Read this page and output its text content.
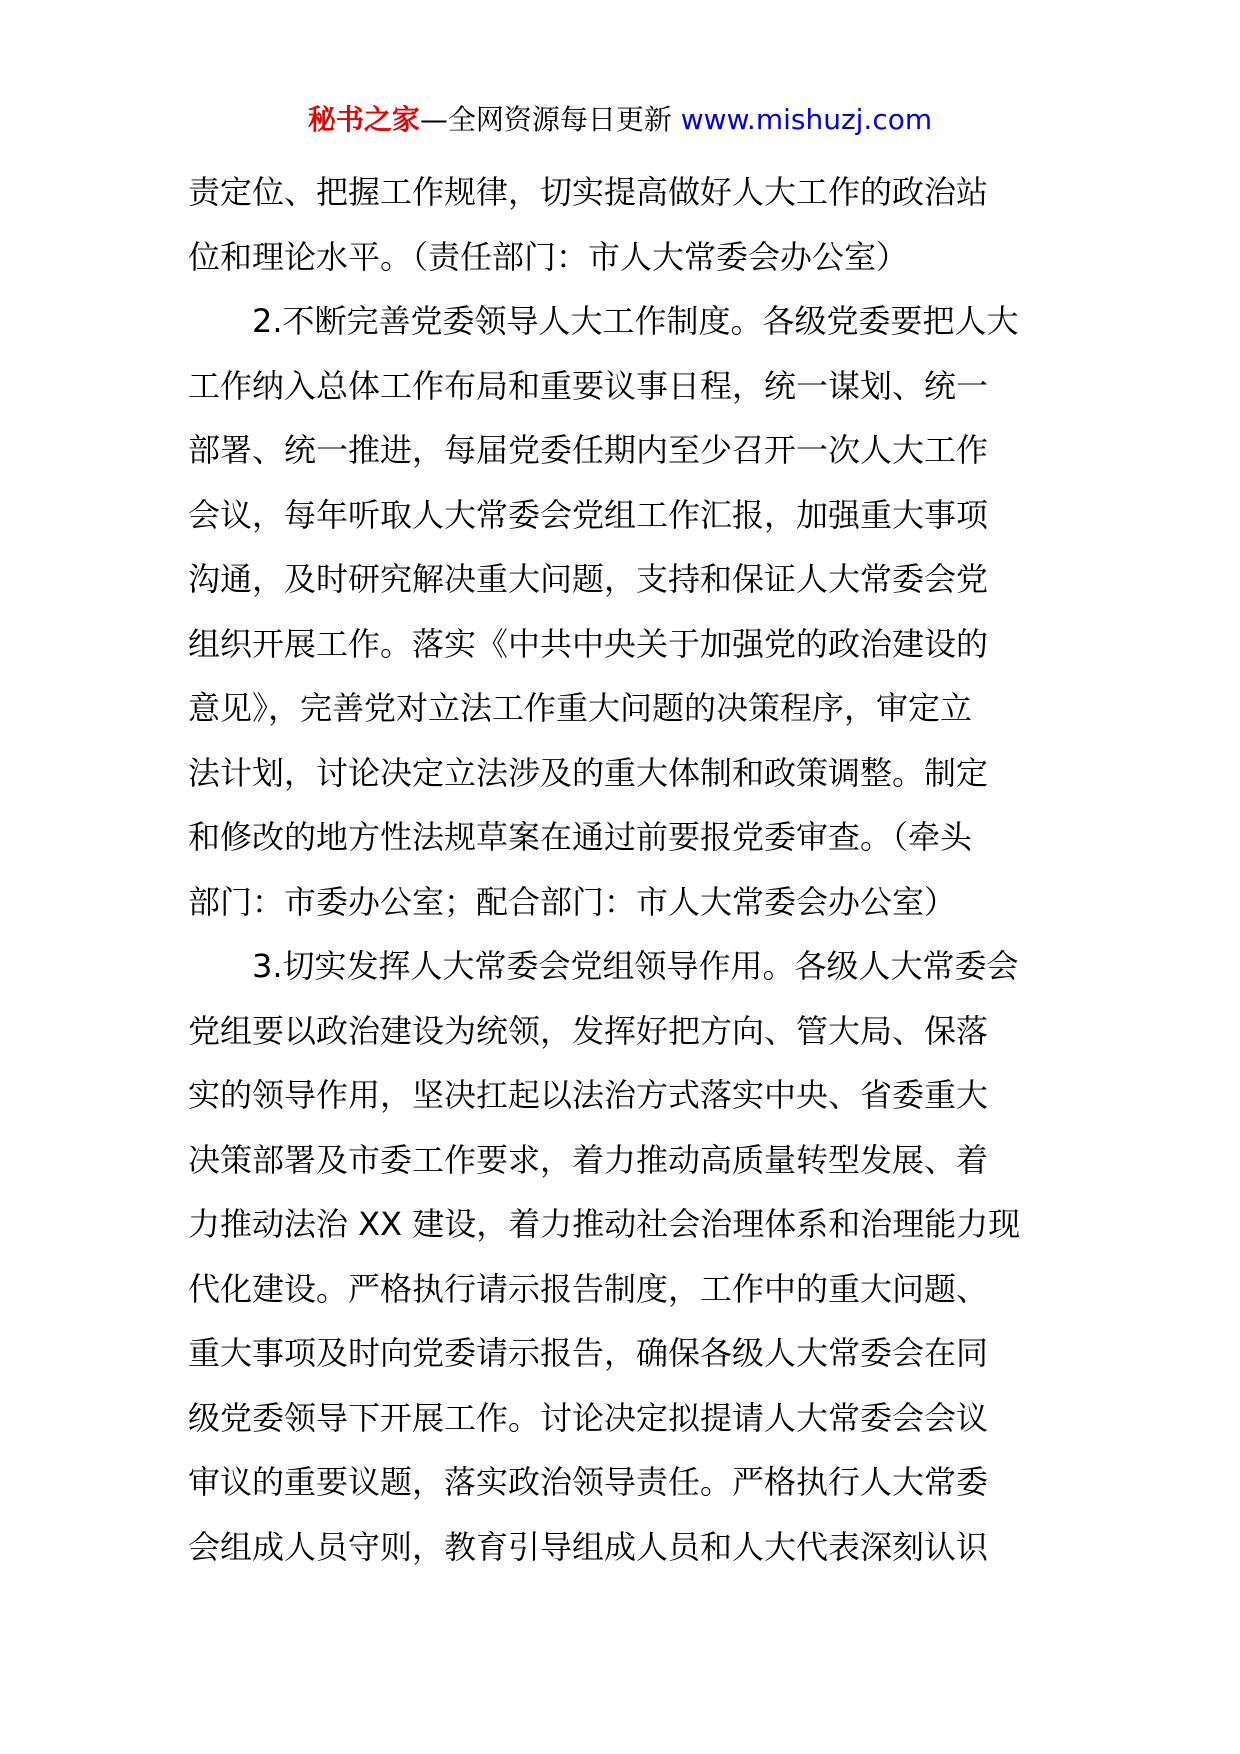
秘书之家—全网资源每日更新 www.mishuzj.com
责定位、把握工作规律，切实提高做好人大工作的政治站
位和理论水平。（责任部门：市人大常委会办公室）
2.不断完善党委领导人大工作制度。各级党委要把人大
工作纳入总体工作布局和重要议事日程，统一谋划、统一
部署、统一推进，每届党委任期内至少召开一次人大工作
会议，每年听取人大常委会党组工作汇报，加强重大事项
沟通，及时研究解决重大问题，支持和保证人大常委会党
组织开展工作。落实《中共中央关于加强党的政治建设的
意见》，完善党对立法工作重大问题的决策程序，审定立
法计划，讨论决定立法涉及的重大体制和政策调整。制定
和修改的地方性法规草案在通过前要报党委审查。（牵头
部门：市委办公室；配合部门：市人大常委会办公室）
3.切实发挥人大常委会党组领导作用。各级人大常委会
党组要以政治建设为统领，发挥好把方向、管大局、保落
实的领导作用，坚决扛起以法治方式落实中央、省委重大
决策部署及市委工作要求，着力推动高质量转型发展、着
力推动法治 XX 建设，着力推动社会治理体系和治理能力现
代化建设。严格执行请示报告制度，工作中的重大问题、
重大事项及时向党委请示报告，确保各级人大常委会在同
级党委领导下开展工作。讨论决定拟提请人大常委会会议
审议的重要议题，落实政治领导责任。严格执行人大常委
会组成人员守则，教育引导组成人员和人大代表深刻认识
